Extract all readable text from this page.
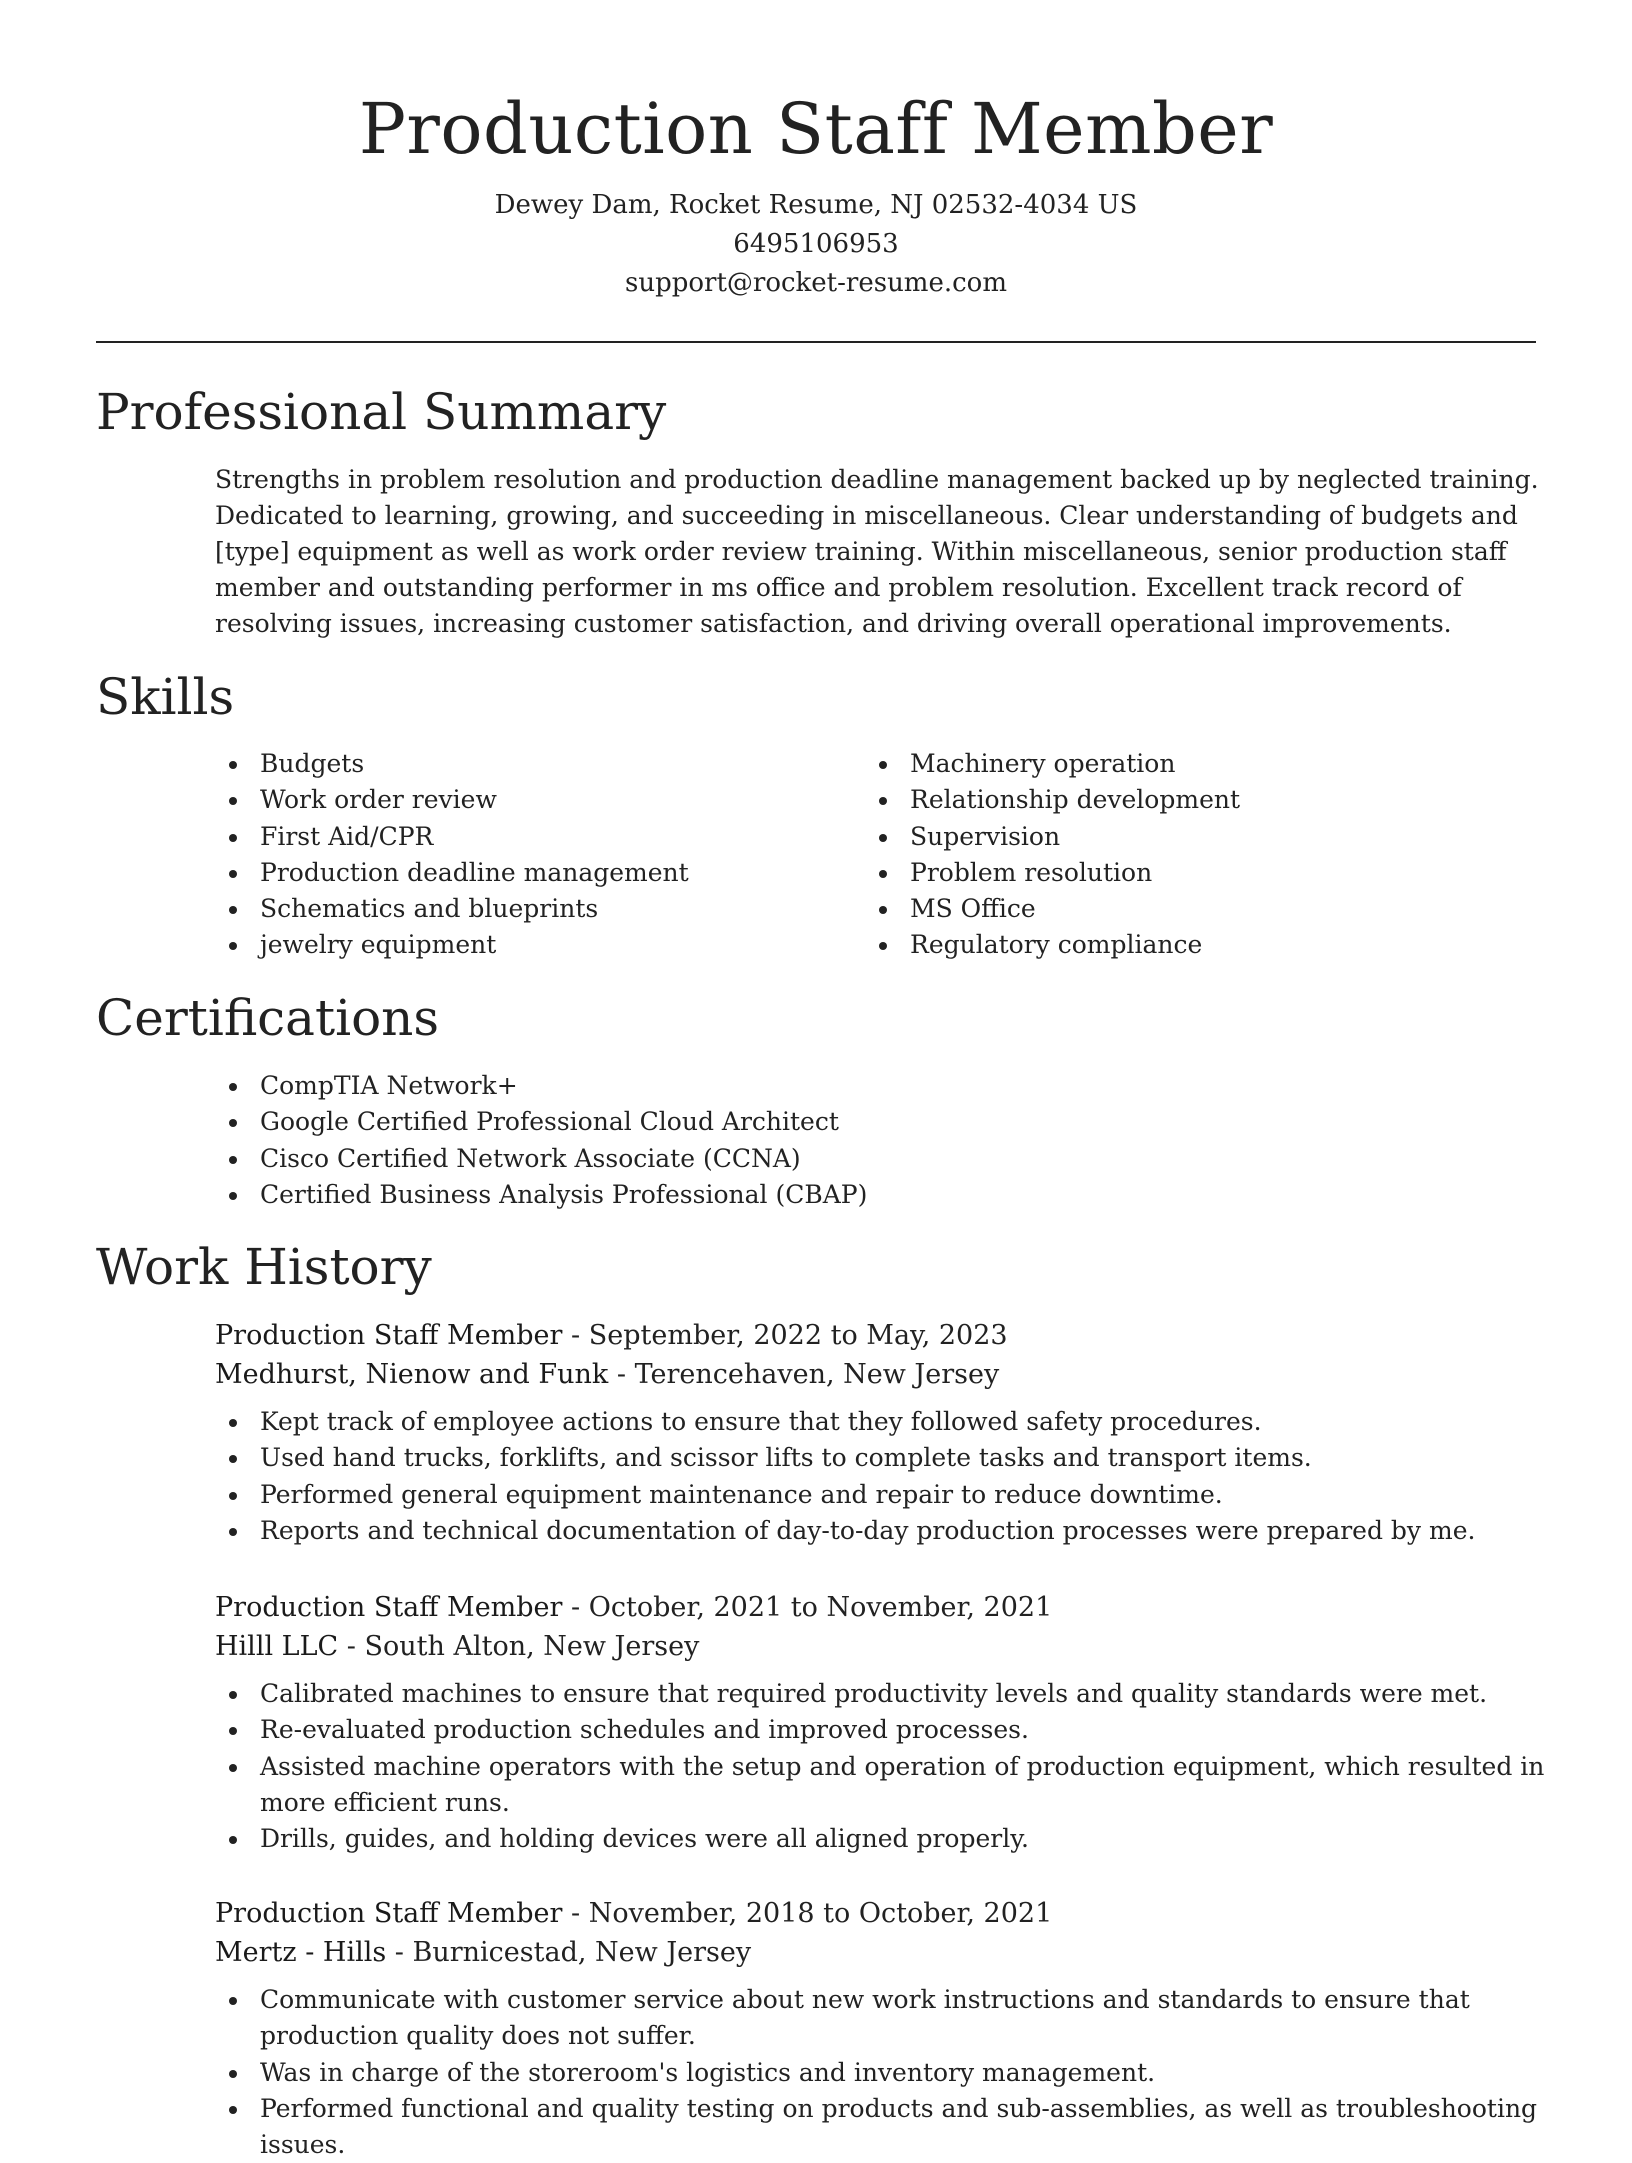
Production Staff Member
Dewey Dam, Rocket Resume, NJ 02532-4034 US
6495106953
support@rocket-resume.com
Professional Summary
Strengths in problem resolution and production deadline management backed up by neglected training. Dedicated to learning, growing, and succeeding in miscellaneous. Clear understanding of budgets and [type] equipment as well as work order review training. Within miscellaneous, senior production staff member and outstanding performer in ms office and problem resolution. Excellent track record of resolving issues, increasing customer satisfaction, and driving overall operational improvements.
Skills
Budgets
Work order review
First Aid/CPR
Production deadline management
Schematics and blueprints
jewelry equipment
Machinery operation
Relationship development
Supervision
Problem resolution
MS Office
Regulatory compliance
Certifications
CompTIA Network+
Google Certified Professional Cloud Architect
Cisco Certified Network Associate (CCNA)
Certified Business Analysis Professional (CBAP)
Work History
Production Staff Member - September, 2022 to May, 2023
Medhurst, Nienow and Funk - Terencehaven, New Jersey
Kept track of employee actions to ensure that they followed safety procedures.
Used hand trucks, forklifts, and scissor lifts to complete tasks and transport items.
Performed general equipment maintenance and repair to reduce downtime.
Reports and technical documentation of day-to-day production processes were prepared by me.
Production Staff Member - October, 2021 to November, 2021
Hilll LLC - South Alton, New Jersey
Calibrated machines to ensure that required productivity levels and quality standards were met.
Re-evaluated production schedules and improved processes.
Assisted machine operators with the setup and operation of production equipment, which resulted in more efficient runs.
Drills, guides, and holding devices were all aligned properly.
Production Staff Member - November, 2018 to October, 2021
Mertz - Hills - Burnicestad, New Jersey
Communicate with customer service about new work instructions and standards to ensure that production quality does not suffer.
Was in charge of the storeroom's logistics and inventory management.
Performed functional and quality testing on products and sub-assemblies, as well as troubleshooting issues.
